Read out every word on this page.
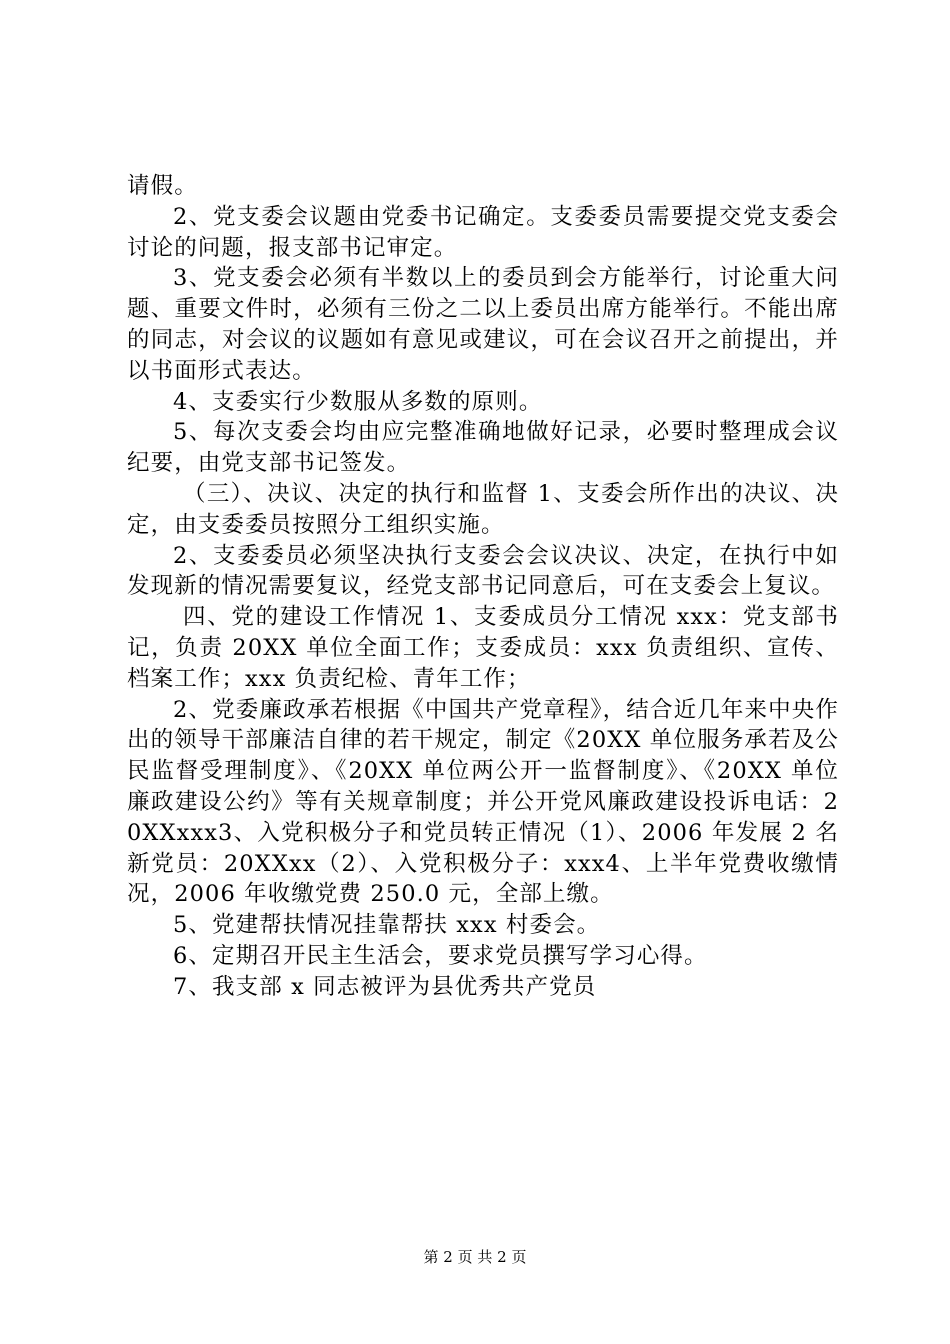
请假。

2、党支委会议题由党委书记确定。支委委员需要提交党支委会讨论的问题，报支部书记审定。

3、党支委会必须有半数以上的委员到会方能举行，讨论重大问题、重要文件时，必须有三份之二以上委员出席方能举行。不能出席的同志，对会议的议题如有意见或建议，可在会议召开之前提出，并以书面形式表达。

4、支委实行少数服从多数的原则。

5、每次支委会均由应完整准确地做好记录，必要时整理成会议纪要，由党支部书记签发。

（三）、决议、决定的执行和监督 1、支委会所作出的决议、决定，由支委委员按照分工组织实施。

2、支委委员必须坚决执行支委会会议决议、决定，在执行中如发现新的情况需要复议，经党支部书记同意后，可在支委会上复议。

四、党的建设工作情况 1、支委成员分工情况 xxx：党支部书记，负责 20XX 单位全面工作；支委成员：xxx 负责组织、宣传、档案工作；xxx 负责纪检、青年工作；

2、党委廉政承若根据《中国共产党章程》，结合近几年来中央作出的领导干部廉洁自律的若干规定，制定《20XX 单位服务承若及公民监督受理制度》、《20XX 单位两公开一监督制度》、《20XX 单位廉政建设公约》等有关规章制度；并公开党风廉政建设投诉电话：20XXxxx3、入党积极分子和党员转正情况（1）、2006 年发展 2 名新党员：20XXxx（2）、入党积极分子：xxx4、上半年党费收缴情况，2006 年收缴党费 250.0 元，全部上缴。

5、党建帮扶情况挂靠帮扶 xxx 村委会。

6、定期召开民主生活会，要求党员撰写学习心得。

7、我支部 x 同志被评为县优秀共产党员

第 2 页 共 2 页
